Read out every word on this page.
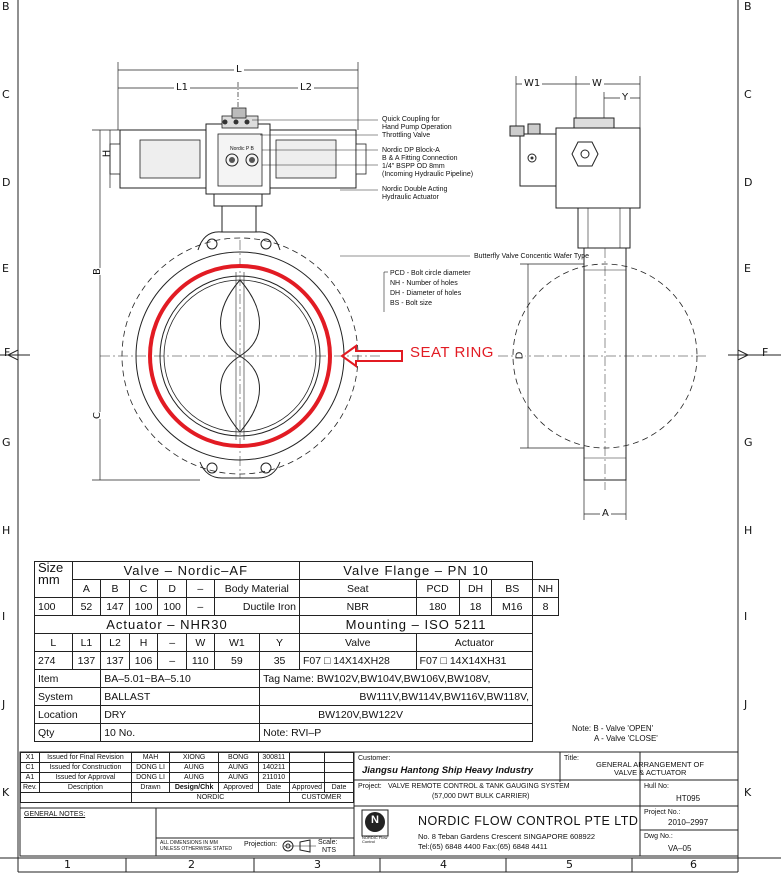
B
C
D
E
F
G
H
I
J
K
B
C
D
E
F
G
H
I
J
K
1	2	3	4	5	6
L
L1	L2
H
B
C
W1	W
Y
D
A
Nordic P B
Quick Coupling for
Hand Pump Operation
Throttling Valve
Nordic DP Block-A
B & A Fitting Connection
1/4" BSPP OD 8mm
(Incoming Hydraulic Pipeline)
Nordic Double Acting
Hydraulic Actuator
Butterfly Valve Concentic Wafer Type
PCD - Bolt circle diameter
NH - Number of holes
DH - Diameter of holes
BS - Bolt size
SEAT RING
Size
mm	Valve – Nordic–AF							Valve Flange – PN 10				
	A	B	C	D	–	Body Material		Seat	PCD	DH	BS	NH
100	52	147	100	100	–	Ductile Iron		NBR	180	18	M16	8
Actuator – NHR30								Mounting – ISO 5211				
L	L1	L2	H	–	W	W1	Y	Valve	Actuator			
274	137	137	106	–	110	59	35	F07 □ 14X14XH28	F07 □ 14X14XH31			
Item		BA–5.01~BA–5.10					Tag Name: BW102V,BW104V,BW106V,BW108V,					
System		BALLAST					BW111V,BW114V,BW116V,BW118V,					
Location		DRY					BW120V,BW122V					
Qty		10 No.					Note: RVI–P						Note: B - Valve 'OPEN'
A - Valve 'CLOSE'
X1	Issued for Final Revision	MAH	XIONG	BONG	300811		
C1	Issued for Construction	DONG LI	AUNG	AUNG	140211		
A1	Issued for Approval	DONG LI	AUNG	AUNG	211010		
Rev.	Description	Drawn	Design/Chk	Approved	Date	Approved	Date
		NORDIC				CUSTOMER	
GENERAL NOTES:
ALL DIMENSIONS IN MM
UNLESS OTHERWISE STATED
Projection:	Scale:
NTS
Customer:
Jiangsu Hantong Ship Heavy Industry
Title:
GENERAL ARRANGEMENT OF
VALVE & ACTUATOR
Hull No:
HT095
Project: VALVE REMOTE CONTROL & TANK GAUGING SYSTEM
(57,000 DWT BULK CARRIER)
Project No.:
2010–2997
Dwg No.:
VA–05
N
NORDIC Flow Control
NORDIC FLOW CONTROL PTE LTD
No. 8 Teban Gardens Crescent SINGAPORE 608922
Tel:(65) 6848 4400 Fax:(65) 6848 4411
